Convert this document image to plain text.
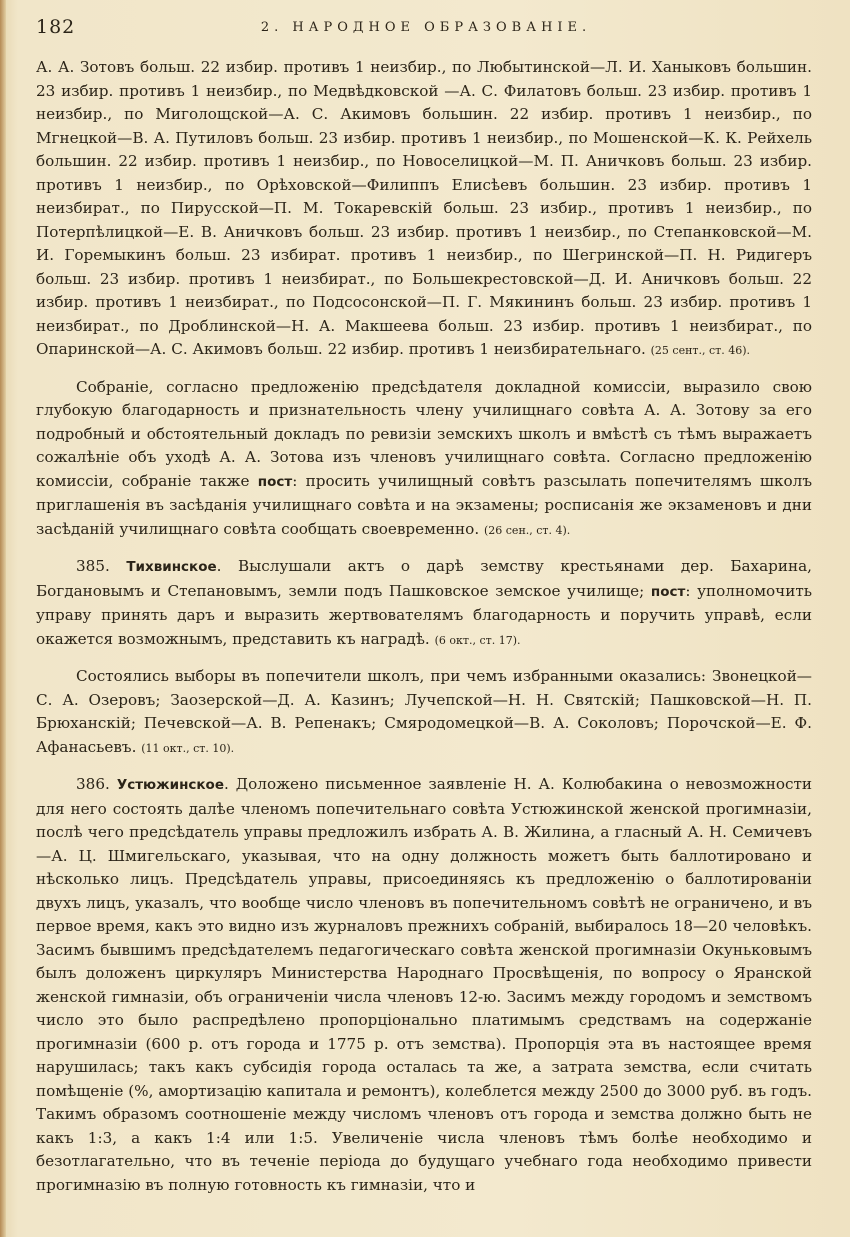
182	2. НАРОДНОЕ ОБРАЗОВАНІЕ.

А. А. Зотовъ больш. 22 избир. противъ 1 неизбир., по Любытинской—Л. И. Ханыковъ большин. 23 избир. противъ 1 неизбир., по Медвѣдковской —А. С. Филатовъ больш. 23 избир. противъ 1 неизбир., по Миголощской—А. С. Акимовъ большин. 22 избир. противъ 1 неизбир., по Мгнецкой—В. А. Путиловъ больш. 23 избир. противъ 1 неизбир., по Мошенской—К. К. Рейхель большин. 22 избир. противъ 1 неизбир., по Новоселицкой—М. П. Аничковъ больш. 23 избир. противъ 1 неизбир., по Орѣховской—Филиппъ Елисѣевъ большин. 23 избир. противъ 1 неизбират., по Пирусской—П. М. Токаревскій больш. 23 избир., противъ 1 неизбир., по Потерпѣлицкой—Е. В. Аничковъ больш. 23 избир. противъ 1 неизбир., по Степанковской—М. И. Горемыкинъ больш. 23 избират. противъ 1 неизбир., по Шегринской—П. Н. Ридигеръ больш. 23 избир. противъ 1 неизбират., по Большекрестовской—Д. И. Аничковъ больш. 22 избир. противъ 1 неизбират., по Подсосонской—П. Г. Мякининъ больш. 23 избир. противъ 1 неизбират., по Дроблинской—Н. А. Макшеева больш. 23 избир. противъ 1 неизбират., по Опаринской—А. С. Акимовъ больш. 22 избир. противъ 1 неизбирательнаго. (25 сент., ст. 46).

Собраніе, согласно предложенію предсѣдателя докладной комиссіи, выразило свою глубокую благодарность и признательность члену училищнаго совѣта А. А. Зотову за его подробный и обстоятельный докладъ по ревизіи земскихъ школъ и вмѣстѣ съ тѣмъ выражаетъ сожалѣніе объ уходѣ А. А. Зотова изъ членовъ училищнаго совѣта. Согласно предложенію комиссіи, собраніе также пост: просить училищный совѣтъ разсылать попечителямъ школъ приглашенія въ засѣданія училищнаго совѣта и на экзамены; росписанія же экзаменовъ и дни засѣданій училищнаго совѣта сообщать своевременно. (26 сен., ст. 4).

385. Тихвинское. Выслушали актъ о дарѣ земству крестьянами дер. Бахарина, Богдановымъ и Степановымъ, земли подъ Пашковское земское училище; пост: уполномочить управу принять даръ и выразить жертвователямъ благодарность и поручить управѣ, если окажется возможнымъ, представить къ наградѣ. (6 окт., ст. 17).

Состоялись выборы въ попечители школъ, при чемъ избранными оказались: Звонецкой—С. А. Озеровъ; Заозерской—Д. А. Казинъ; Лучепской—Н. Н. Святскій; Пашковской—Н. П. Брюханскій; Печевской—А. В. Репенакъ; Смяродомецкой—В. А. Соколовъ; Порочской—Е. Ф. Афанасьевъ. (11 окт., ст. 10).

386. Устюжинское. Доложено письменное заявленіе Н. А. Колюбакина о невозможности для него состоять далѣе членомъ попечительнаго совѣта Устюжинской женской прогимназіи, послѣ чего предсѣдатель управы предложилъ избрать А. В. Жилина, а гласный А. Н. Семичевъ—А. Ц. Шмигельскаго, указывая, что на одну должность можетъ быть баллотировано и нѣсколько лицъ. Предсѣдатель управы, присоединяясь къ предложенію о баллотированіи двухъ лицъ, указалъ, что вообще число членовъ въ попечительномъ совѣтѣ не ограничено, и въ первое время, какъ это видно изъ журналовъ прежнихъ собраній, выбиралось 18—20 человѣкъ. Засимъ бывшимъ предсѣдателемъ педагогическаго совѣта женской прогимназіи Окуньковымъ былъ доложенъ циркуляръ Министерства Народнаго Просвѣщенія, по вопросу о Яранской женской гимназіи, объ ограниченіи числа членовъ 12-ю. Засимъ между городомъ и земствомъ число это было распредѣлено пропорціонально платимымъ средствамъ на содержаніе прогимназіи (600 р. отъ города и 1775 р. отъ земства). Пропорція эта въ настоящее время нарушилась; такъ какъ субсидія города осталась та же, а затрата земства, если считать помѣщеніе (%, амортизацію капитала и ремонтъ), колеблется между 2500 до 3000 руб. въ годъ. Такимъ образомъ соотношеніе между числомъ членовъ отъ города и земства должно быть не какъ 1:3, а какъ 1:4 или 1:5. Увеличеніе числа членовъ тѣмъ болѣе необходимо и безотлагательно, что въ теченіе періода до будущаго учебнаго года необходимо привести прогимназію въ полную готовность къ гимназіи, что и
